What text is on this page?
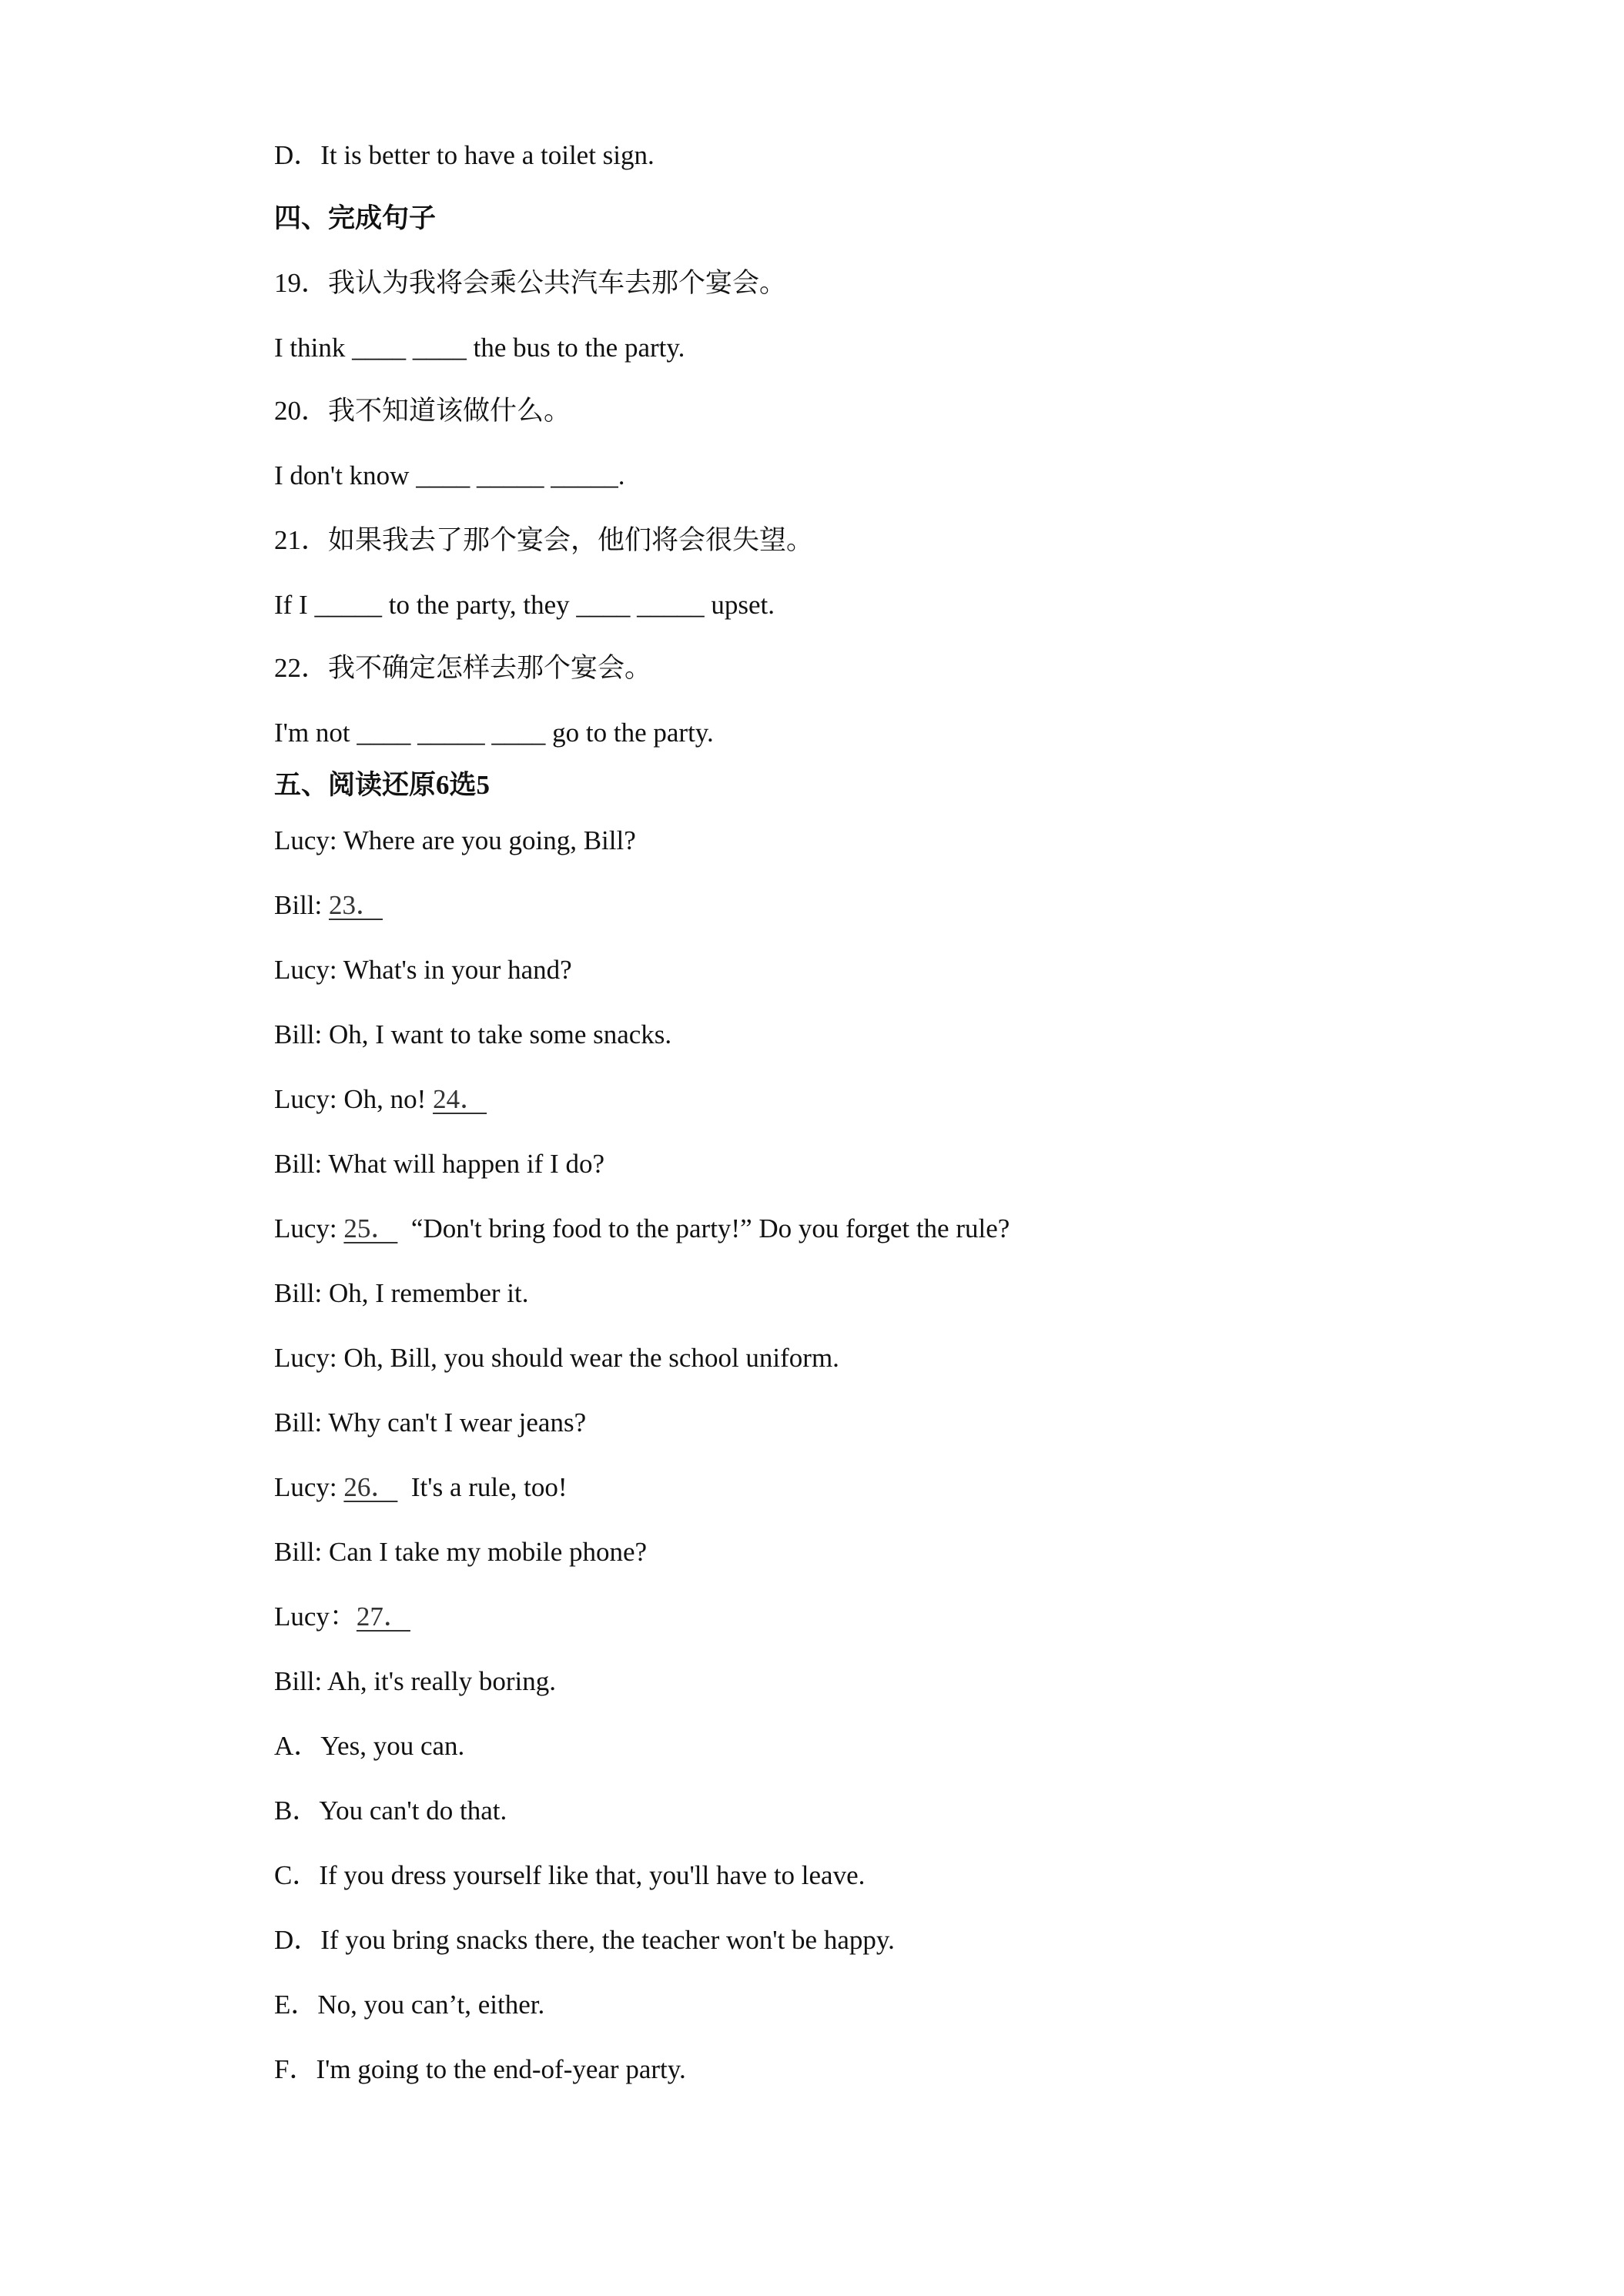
D．It is better to have a toilet sign.
四、完成句子
19．我认为我将会乘公共汽车去那个宴会。
I think ____ ____ the bus to the party.
20．我不知道该做什么。
I don't know ____ _____ _____.
21．如果我去了那个宴会，他们将会很失望。
If I _____ to the party, they ____ _____ upset.
22．我不确定怎样去那个宴会。
I'm not ____ _____ ____ go to the party.
五、阅读还原6选5
Lucy: Where are you going, Bill?
Bill: 23．
Lucy: What's in your hand?
Bill: Oh, I want to take some snacks.
Lucy: Oh, no! 24．
Bill: What will happen if I do?
Lucy: 25．  “Don't bring food to the party!” Do you forget the rule?
Bill: Oh, I remember it.
Lucy: Oh, Bill, you should wear the school uniform.
Bill: Why can't I wear jeans?
Lucy: 26．  It's a rule, too!
Bill: Can I take my mobile phone?
Lucy：27．
Bill: Ah, it's really boring.
A．Yes, you can.
B．You can't do that.
C．If you dress yourself like that, you'll have to leave.
D．If you bring snacks there, the teacher won't be happy.
E．No, you can’t, either.
F．I'm going to the end-of-year party.
